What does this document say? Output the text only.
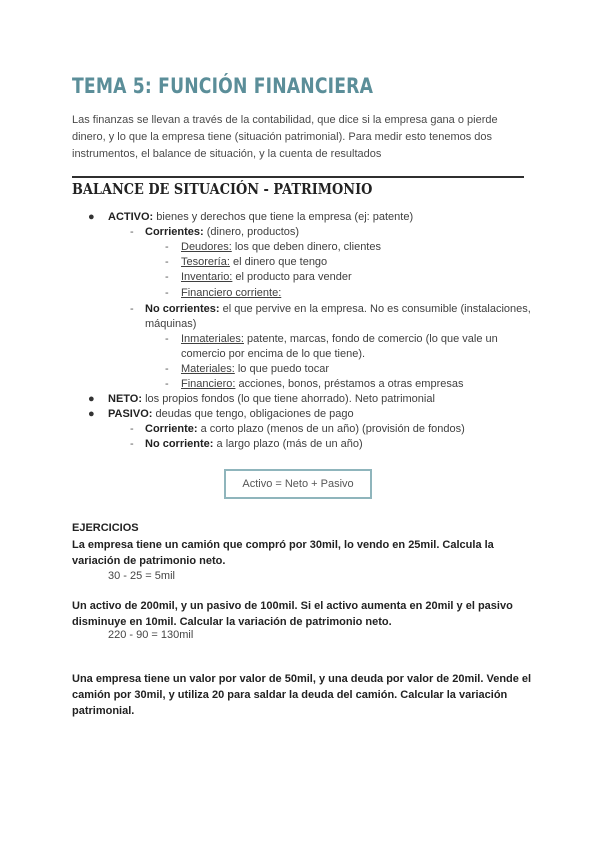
TEMA 5: FUNCIÓN FINANCIERA
Las finanzas se llevan a través de la contabilidad, que dice si la empresa gana o pierde dinero, y lo que la empresa tiene (situación patrimonial). Para medir esto tenemos dos instrumentos, el balance de situación, y la cuenta de resultados
BALANCE DE SITUACIÓN - PATRIMONIO
● ACTIVO: bienes y derechos que tiene la empresa (ej: patente)
- Corrientes: (dinero, productos)
- Deudores: los que deben dinero, clientes
- Tesorería: el dinero que tengo
- Inventario: el producto para vender
- Financiero corriente:
- No corrientes: el que pervive en la empresa. No es consumible (instalaciones,
máquinas)
- Inmateriales: patente, marcas, fondo de comercio (lo que vale un
comercio por encima de lo que tiene).
- Materiales: lo que puedo tocar
- Financiero: acciones, bonos, préstamos a otras empresas
● NETO: los propios fondos (lo que tiene ahorrado). Neto patrimonial
● PASIVO: deudas que tengo, obligaciones de pago
- Corriente: a corto plazo (menos de un año) (provisión de fondos)
- No corriente: a largo plazo (más de un año)
Activo = Neto + Pasivo
EJERCICIOS
La empresa tiene un camión que compró por 30mil, lo vendo en 25mil. Calcula la variación de patrimonio neto.
30 - 25 = 5mil
Un activo de 200mil, y un pasivo de 100mil. Si el activo aumenta en 20mil y el pasivo disminuye en 10mil. Calcular la variación de patrimonio neto.
220 - 90 = 130mil
Una empresa tiene un valor por valor de 50mil, y una deuda por valor de 20mil. Vende el camión por 30mil, y utiliza 20 para saldar la deuda del camión. Calcular la variación patrimonial.
